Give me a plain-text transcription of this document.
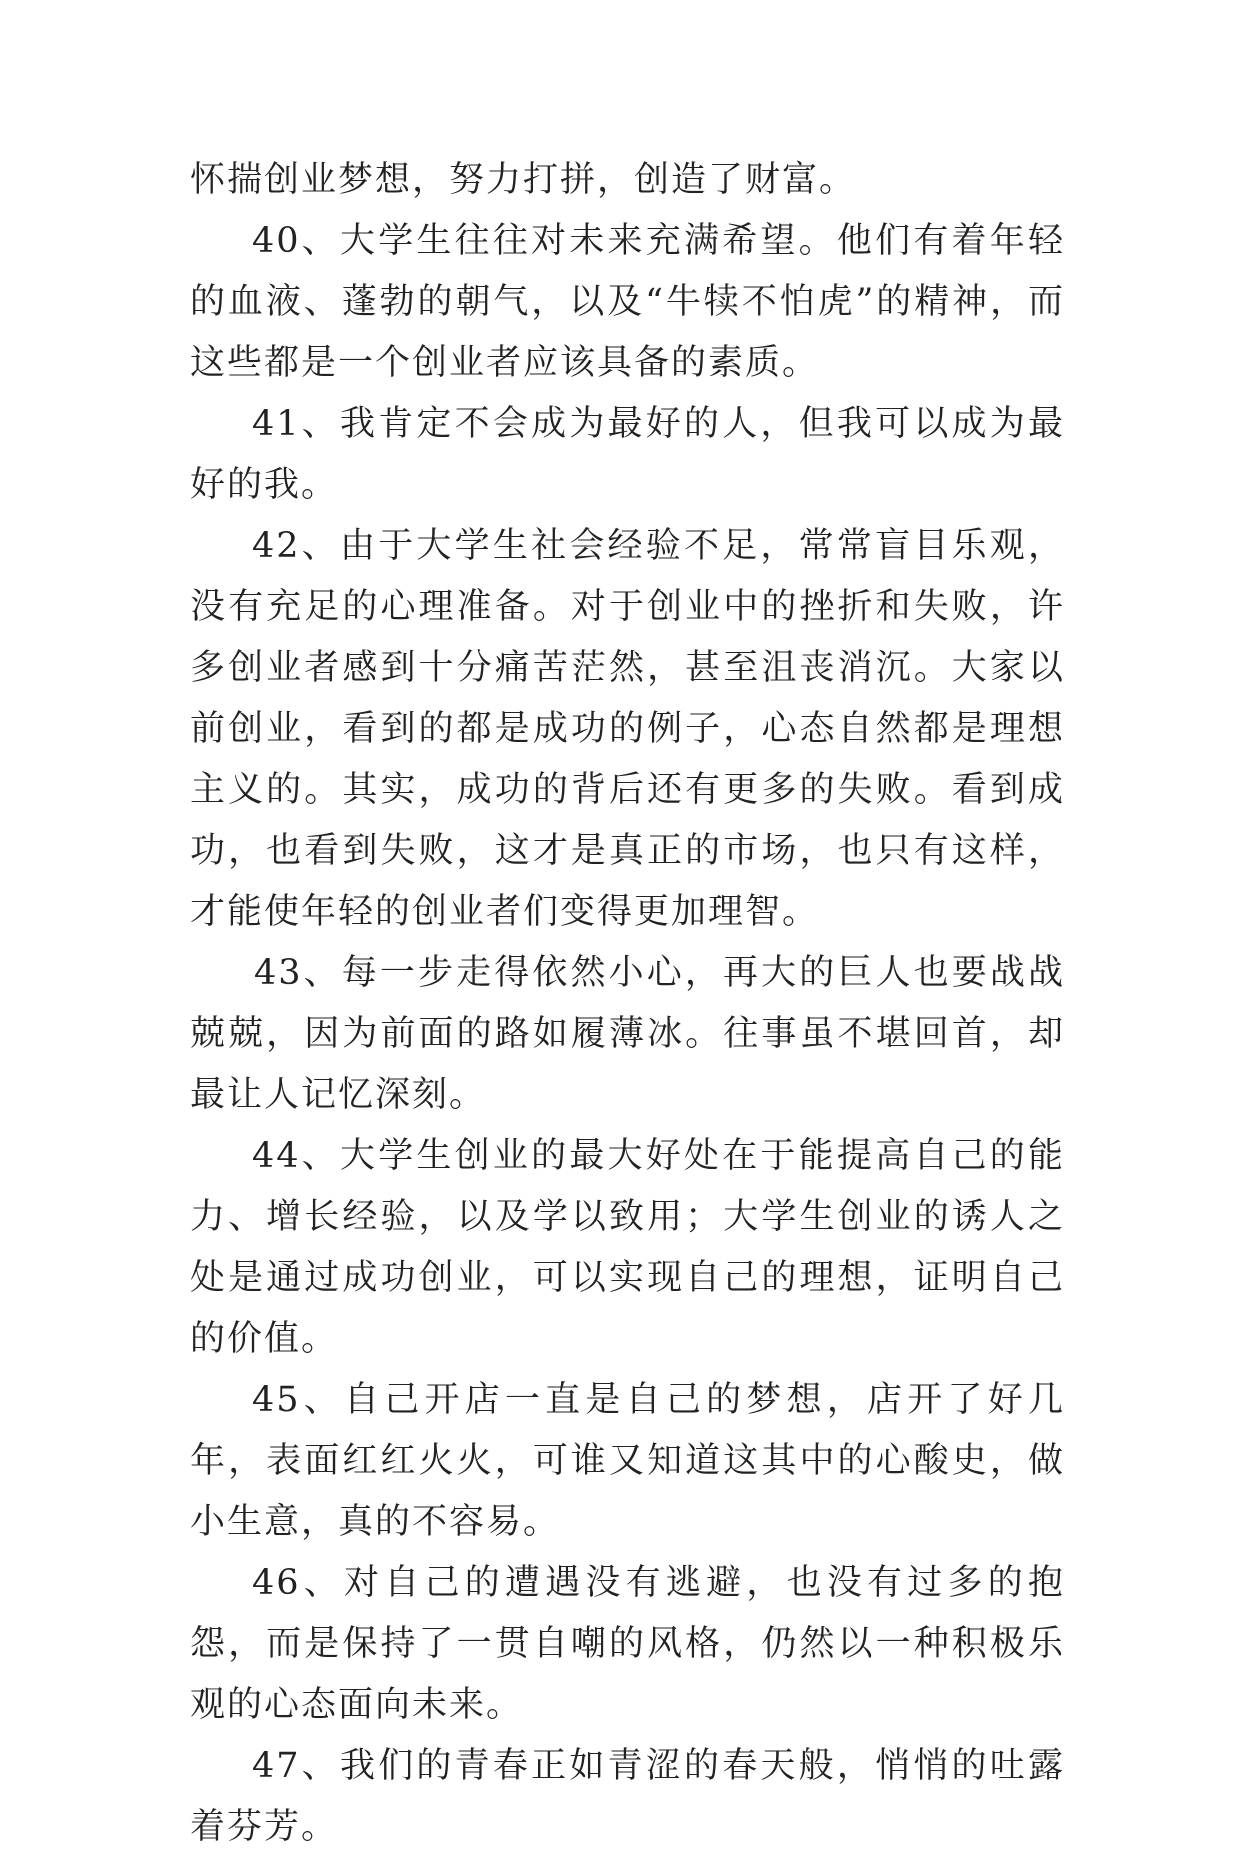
怀揣创业梦想，努力打拼，创造了财富。

40、大学生往往对未来充满希望。他们有着年轻的血液、蓬勃的朝气，以及“牛犊不怕虎”的精神，而这些都是一个创业者应该具备的素质。

41、我肯定不会成为最好的人，但我可以成为最好的我。

42、由于大学生社会经验不足，常常盲目乐观，没有充足的心理准备。对于创业中的挫折和失败，许多创业者感到十分痛苦茫然，甚至沮丧消沉。大家以前创业，看到的都是成功的例子，心态自然都是理想主义的。其实，成功的背后还有更多的失败。看到成功，也看到失败，这才是真正的市场，也只有这样，才能使年轻的创业者们变得更加理智。

43、每一步走得依然小心，再大的巨人也要战战兢兢，因为前面的路如履薄冰。往事虽不堪回首，却最让人记忆深刻。

44、大学生创业的最大好处在于能提高自己的能力、增长经验，以及学以致用；大学生创业的诱人之处是通过成功创业，可以实现自己的理想，证明自己的价值。

45、自己开店一直是自己的梦想，店开了好几年，表面红红火火，可谁又知道这其中的心酸史，做小生意，真的不容易。

46、对自己的遭遇没有逃避，也没有过多的抱怨，而是保持了一贯自嘲的风格，仍然以一种积极乐观的心态面向未来。

47、我们的青春正如青涩的春天般，悄悄的吐露着芬芳。
